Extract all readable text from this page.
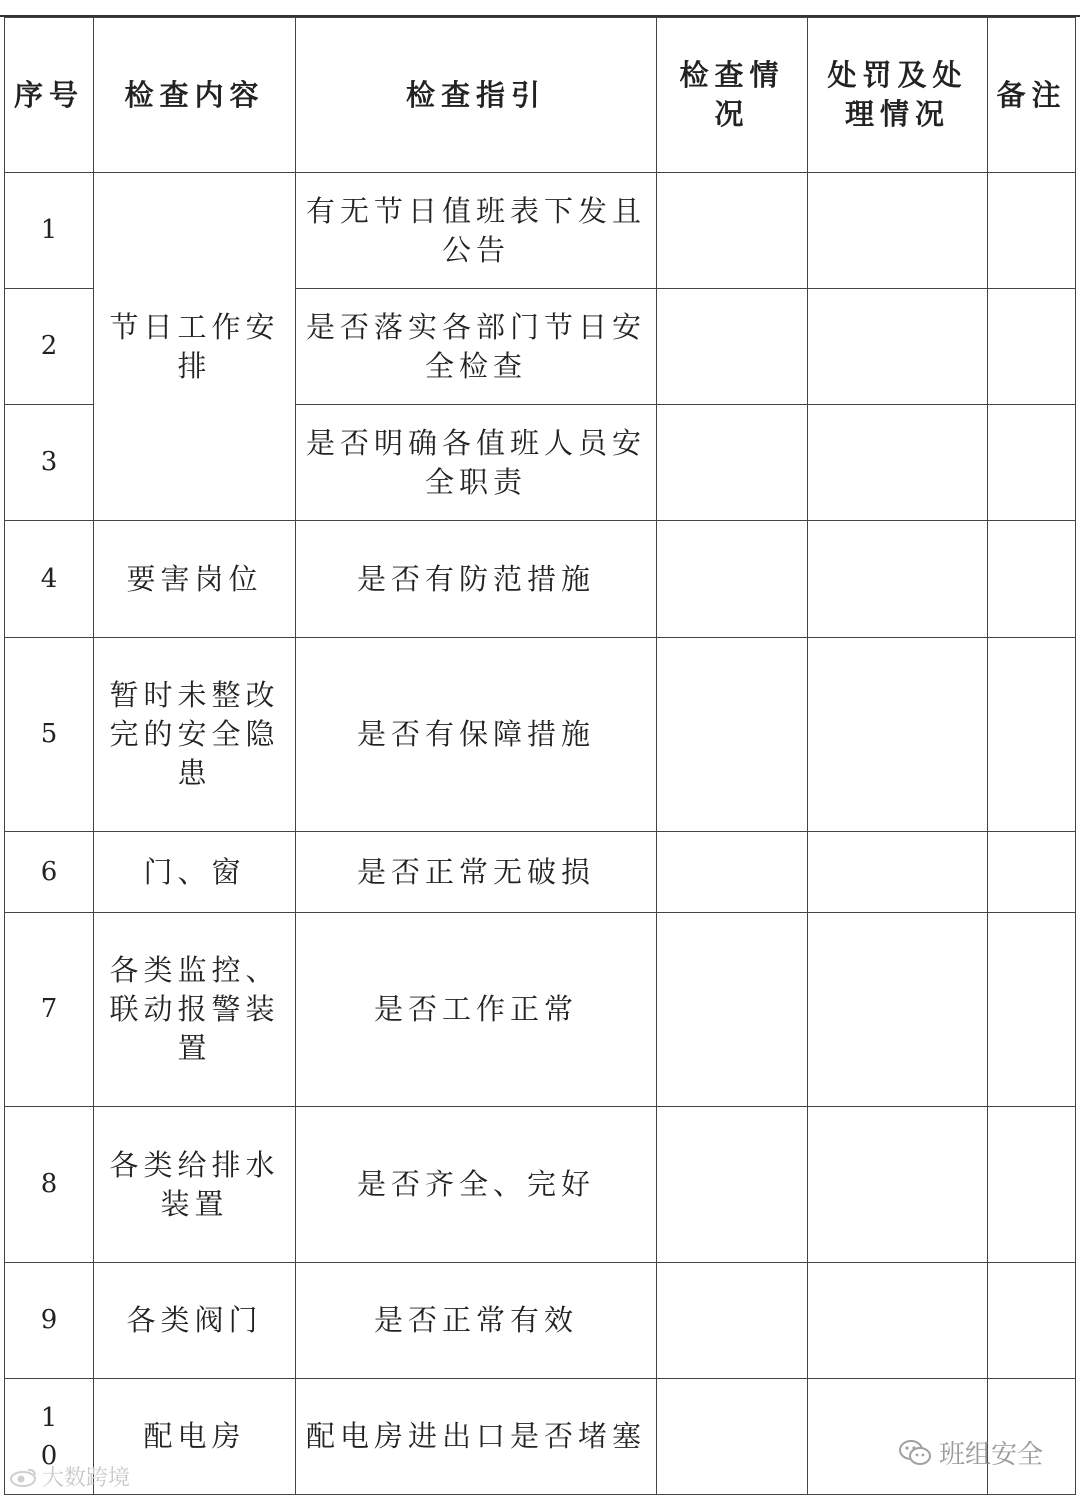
序号	检查内容	检查指引	检查情况	处罚及处理情况	备注
1	节日工作安排	有无节日值班表下发且公告			
2		是否落实各部门节日安全检查			
3		是否明确各值班人员安全职责			
4	要害岗位	是否有防范措施			
5	暂时未整改完的安全隐患	是否有保障措施			
6	门、窗	是否正常无破损			
7	各类监控、联动报警装置	是否工作正常			
8	各类给排水装置	是否齐全、完好			
9	各类阀门	是否正常有效			
10	配电房	配电房进出口是否堵塞			
大数跨境
班组安全
